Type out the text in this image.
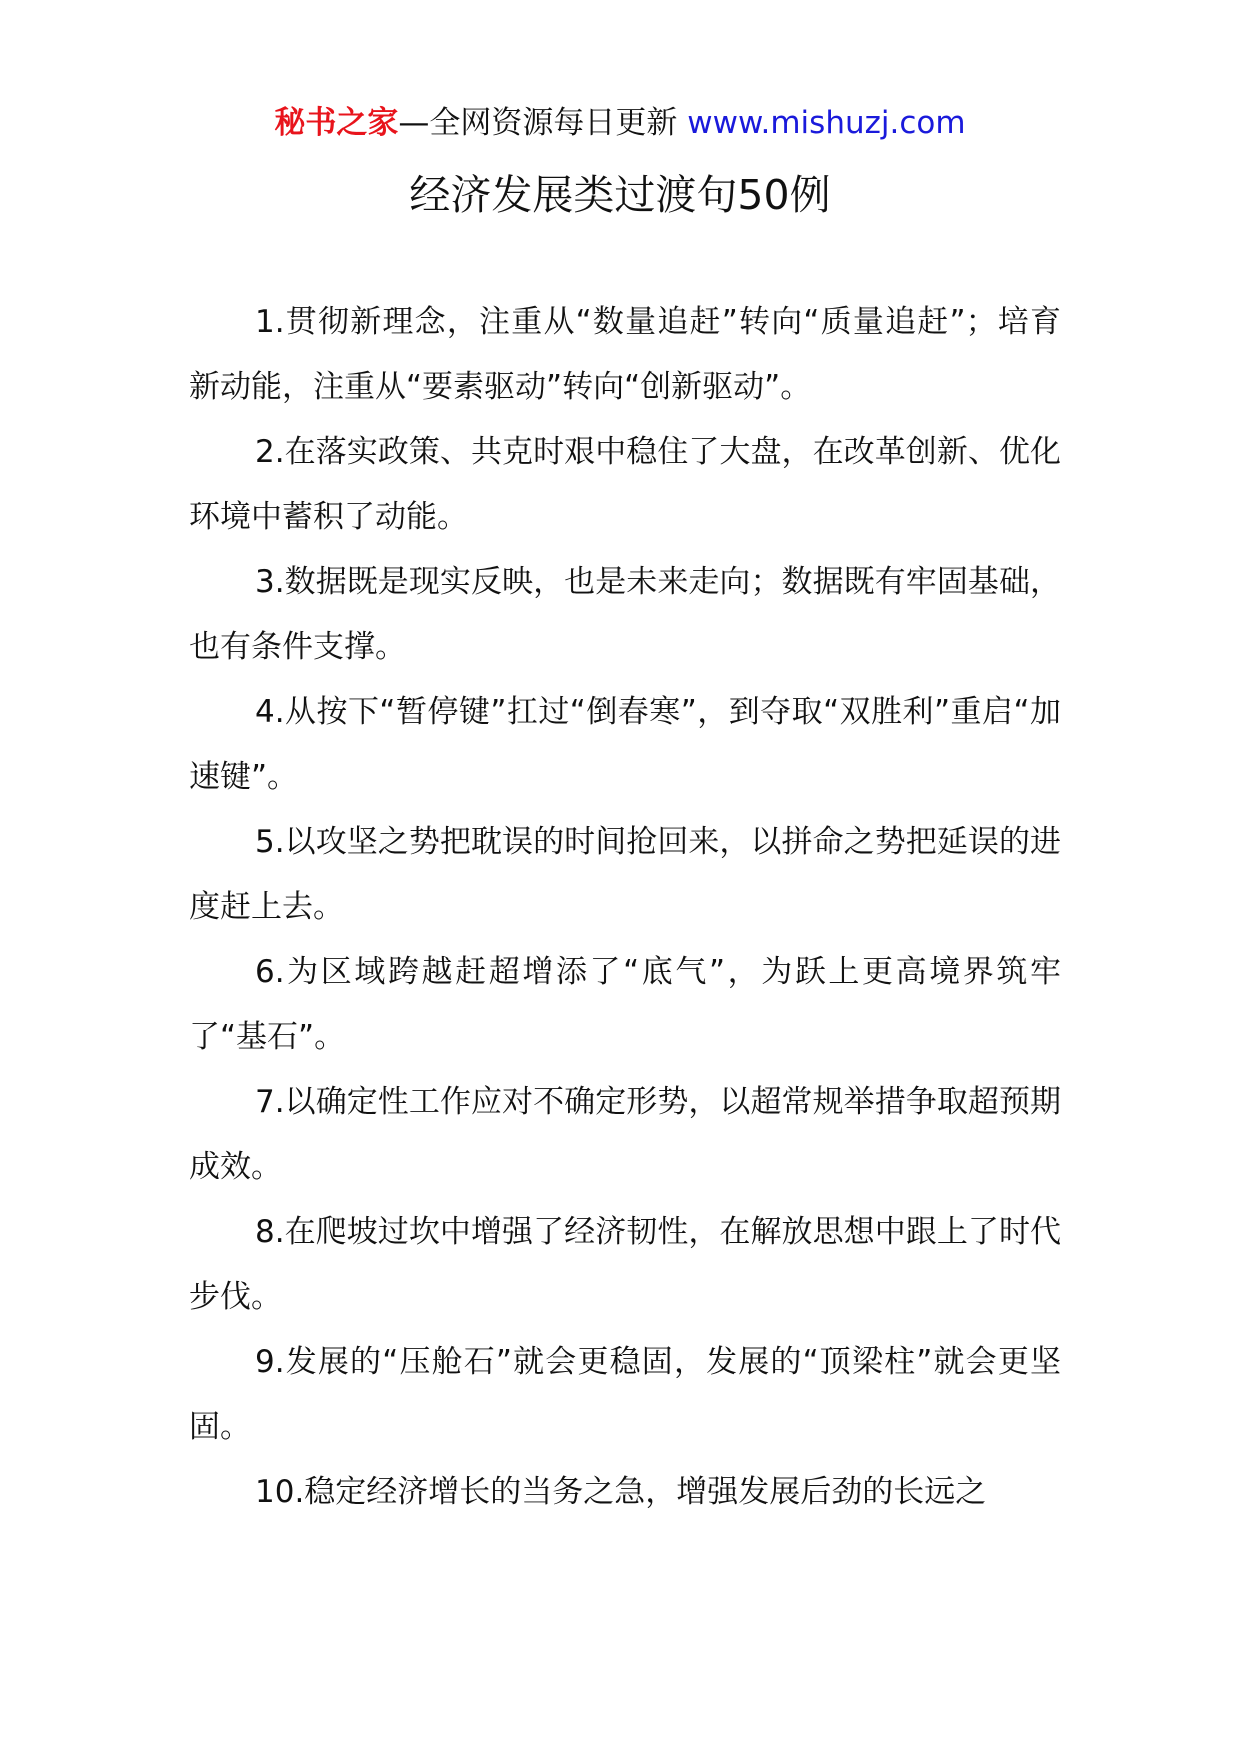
秘书之家—全网资源每日更新 www.mishuzj.com
经济发展类过渡句50例

1.贯彻新理念，注重从“数量追赶”转向“质量追赶”；培育新动能，注重从“要素驱动”转向“创新驱动”。

2.在落实政策、共克时艰中稳住了大盘，在改革创新、优化环境中蓄积了动能。

3.数据既是现实反映，也是未来走向；数据既有牢固基础，也有条件支撑。

4.从按下“暂停键”扛过“倒春寒”，到夺取“双胜利”重启“加速键”。

5.以攻坚之势把耽误的时间抢回来，以拼命之势把延误的进度赶上去。

6.为区域跨越赶超增添了“底气”，为跃上更高境界筑牢了“基石”。

7.以确定性工作应对不确定形势，以超常规举措争取超预期成效。

8.在爬坡过坎中增强了经济韧性，在解放思想中跟上了时代步伐。

9.发展的“压舱石”就会更稳固，发展的“顶梁柱”就会更坚固。

10.稳定经济增长的当务之急，增强发展后劲的长远之
